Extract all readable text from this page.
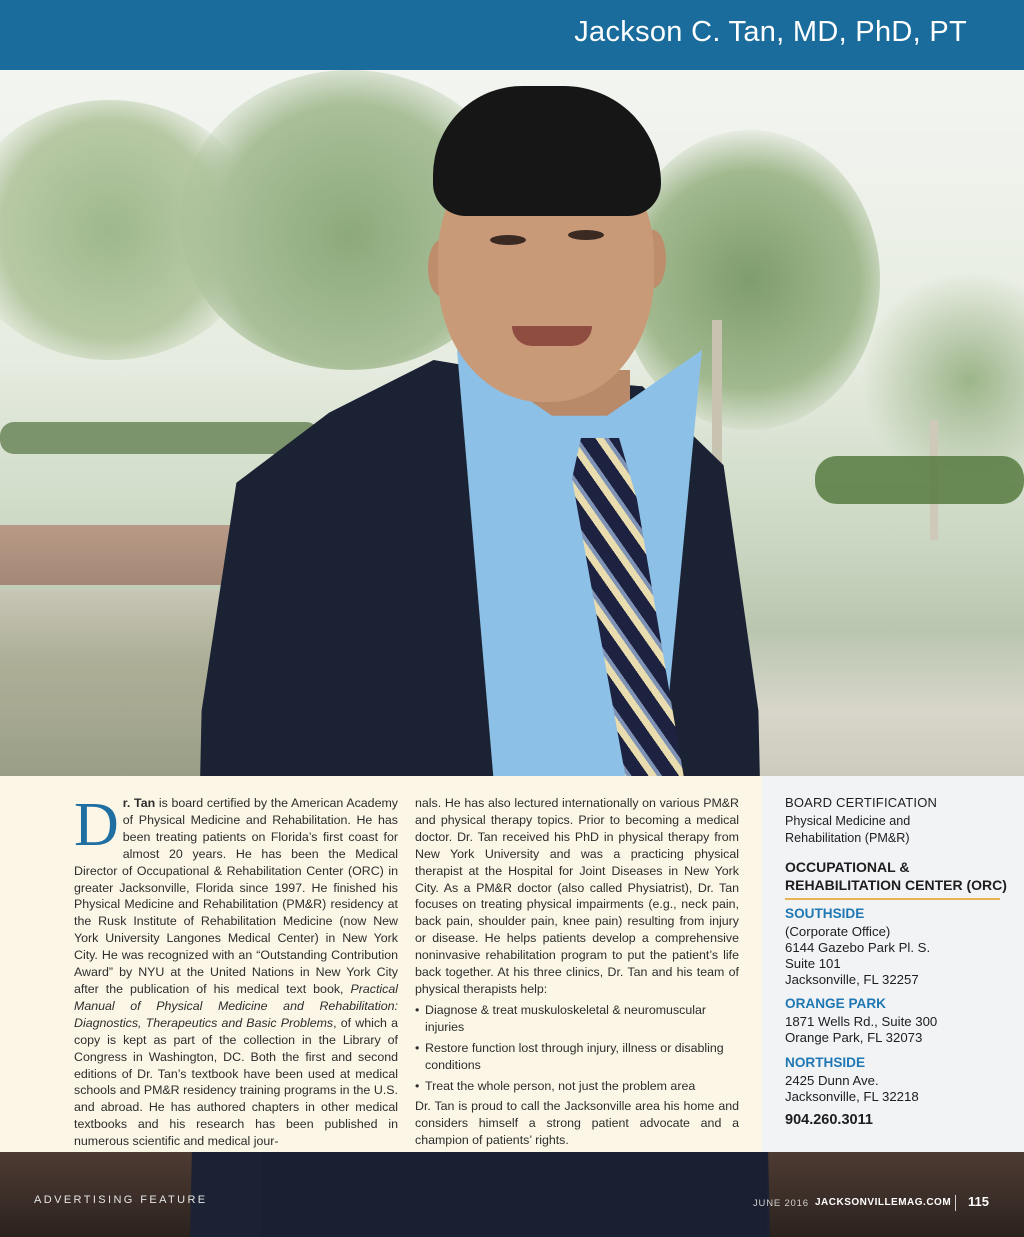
Jackson C. Tan, MD, PhD, PT

Dr. Tan is board certified by the American Academy of Physical Medicine and Rehabilitation. He has been treating patients on Florida’s first coast for almost 20 years. He has been the Medical Director of Occupational & Rehabilitation Center (ORC) in greater Jacksonville, Florida since 1997. He finished his Physical Medicine and Rehabilitation (PM&R) residency at the Rusk Institute of Rehabilitation Medicine (now New York University Langones Medical Center) in New York City. He was recognized with an “Outstanding Contribution Award” by NYU at the United Nations in New York City after the publication of his medical text book, Practical Manual of Physical Medicine and Rehabilitation: Diagnostics, Therapeutics and Basic Problems, of which a copy is kept as part of the collection in the Library of Congress in Washington, DC. Both the first and second editions of Dr. Tan’s textbook have been used at medical schools and PM&R residency training programs in the U.S. and abroad. He has authored chapters in other medical textbooks and his research has been published in numerous scientific and medical jour-

nals. He has also lectured internationally on various PM&R and physical therapy topics. Prior to becoming a medical doctor. Dr. Tan received his PhD in physical therapy from New York University and was a practicing physical therapist at the Hospital for Joint Diseases in New York City. As a PM&R doctor (also called Physiatrist), Dr. Tan focuses on treating physical impairments (e.g., neck pain, back pain, shoulder pain, knee pain) resulting from injury or disease. He helps patients develop a comprehensive noninvasive rehabilitation program to put the patient’s life back together. At his three clinics, Dr. Tan and his team of physical therapists help:

• Diagnose & treat muskuloskeletal & neuromuscular injuries
• Restore function lost through injury, illness or disabling conditions
• Treat the whole person, not just the problem area

Dr. Tan is proud to call the Jacksonville area his home and considers himself a strong patient advocate and a champion of patients’ rights.

BOARD CERTIFICATION
Physical Medicine and Rehabilitation (PM&R)
OCCUPATIONAL & REHABILITATION CENTER (ORC)
SOUTHSIDE
(Corporate Office)
6144 Gazebo Park Pl. S.
Suite 101
Jacksonville, FL 32257
ORANGE PARK
1871 Wells Rd., Suite 300
Orange Park, FL 32073
NORTHSIDE
2425 Dunn Ave.
Jacksonville, FL 32218
904.260.3011
ADVERTISING FEATURE	JUNE 2016 JACKSONVILLEMAG.COM 115
